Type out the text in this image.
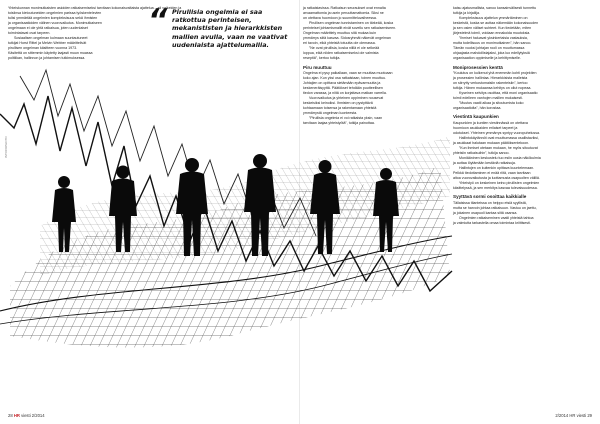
Yhteiskunnan monimutkaisten asioiden ratkaisemiseksi tarvitaan kokonaisvaltaista ajattelua – eli vaikeiden ja
toisiinsa kietoutuneiden ongelmien parissa työskentelevien
tulisi ymmärtää ongelmien kompleksisuus sekä ihmisten
ja organisaatioiden välinen vuorovaikutus. Monimutkaiseen
ongelmaan ei ole yhtä ratkaisua, joten uudenlaiset
toimintatavat ovat tarpeen.
Sosiaalisen ongelman kulmaan suuntautuneet
tutkijat Horst Rittel ja Melvin Webber määrittelivät
pirullisen ongelman käsitteen vuonna 1973.
Käsitettä on sittemmin käytetty laajasti muun muassa
politiikan, hallinnon ja johtamisen tutkimuksessa.
“ Pirullisia ongelmia ei saa ratkottua perinteisen, mekanististen ja hierarkkisten mallien avulla, vaan ne vaativat uudenlaista ajattelumallia.
ISTOCKPHOTO
28 HR viesti 2/2014
ja ratkaistavissa. Ratkaisun seuraukset ovat ennalta
arvaamattomia ja usein peruuttamattomia. Siksi ne
on otettava huomioon jo suunnitteluvaiheessa.
Pirullisen ongelman tunnistaminen on tärkeää, koska
perinteiset johtamismallit eivät sovellu sen ratkaisemiseen.
Ongelman määrittely muuttuu sitä mukaa kuin
ymmärrys siitä kasvaa. Sidosryhmät näkevät ongelman
eri tavoin, eikä yhteistä totuutta ole olemassa.
”Ne ovat pirullisia, koska niillä ei ole selkeää
loppua, eikä niiden ratkaisemiseksi ole valmista
reseptiä”, kertoo tutkija.
Piru muuttuu
Ongelma ei pysy paikallaan, vaan se muuttaa muotoaan
koko ajan. Kun yksi osa ratkaistaan, toinen muuttuu.
Johtajien on opittava sietämään epävarmuutta ja
keskeneräisyyttä. Päätökset tehdään puutteellisen
tiedon varassa, ja niitä on korjattava matkan varrella.
Vuorovaikutus ja yhteinen oppiminen nousevat
keskeisiksi keinoiksi. Ihmisten on pystyttävä
kohtaamaan toisensa ja rakentamaan yhteistä
ymmärrystä ongelman luonteesta.
”Pirullisia ongelmia ei voi ratkaista yksin, vaan
tarvitaan laajaa yhteistyötä”, tutkija painottaa.
kaisu ajatusmallista, sanoo kansainvälisesti tunnettu
tutkija ja kirjailija.
Kompleksisuus ajattelun ymmärtäminen on
keskeistä, koska se auttaa näkemään kokonaisuuden
ja sen osien väliset suhteet. Kun tiedetään, miten
järjestelmä toimii, voidaan ennakoida muutoksia.
”Ihmiset haluavat yksinkertaisia vastauksia,
mutta todellisuus on monimutkainen”, hän sanoo.
Tämän vuoksi johtajan rooli on muuttumassa
ohjaajasta mahdollistajaksi, joka luo edellytyksiä
organisaation oppimiselle ja kehittymiselle.
Moniprosessien kenttä
”Koulutus on kulkenut yhä enemmän kohti projektien
ja prosessien hallintaa. Hierarkkisista malleista
on siirrytty verkostomaisiin rakenteisiin”, kertoo
tutkija. Hänen mukaansa kehitys on ollut nopeaa.
Kyseinen selvitys osoittaa, että moni organisaatio
toimii edelleen vanhojen mallien mukaisesti.
”Muutos vaatii aikaa ja sitoutumista koko
organisaatiolta”, hän korostaa.
Viestintä kaupunkien
Kaupunkien ja kuntien viestinnässä on otettava
huomioon asukkaiden erilaiset tarpeet ja
odotukset. Yhteinen ymmärrys syntyy vuoropuhelussa.
Hallintokäytännöt ovat muuttumassa osallistaviksi,
ja asukkaat halutaan mukaan päätöksentekoon.
”Kun ihmiset otetaan mukaan, he myös sitoutuvat
yhteisiin ratkaisuihin”, tutkija sanoo.
Moniääninen keskustelu tuo esiin uusia näkökulmia
ja auttaa löytämään kestäviä ratkaisuja.
Hallintojen on kuitenkin opittava kuuntelemaan.
Pelkkä tiedottaminen ei enää riitä, vaan tarvitaan
aitoa vuorovaikutusta ja luottamusta osapuolten välillä.
Yhteistyö on keskeinen keino pirullisten ongelmien
käsittelyssä, ja sen merkitys kasvaa tulevaisuudessa.
Syyttävä sormi osoittaa kaikkialle
Tällaisissa tilanteissa on helppo etsiä syyllistä,
mutta se harvoin johtaa ratkaisuun. Vastuu on jaettu,
ja jokainen osapuoli kantaa siitä osansa.
Ongelmien ratkaiseminen vaatii yhteistä tahtoa
ja valmiutta tarkastella omaa toimintaa kriittisesti.
2/2014 HR viesti 29
